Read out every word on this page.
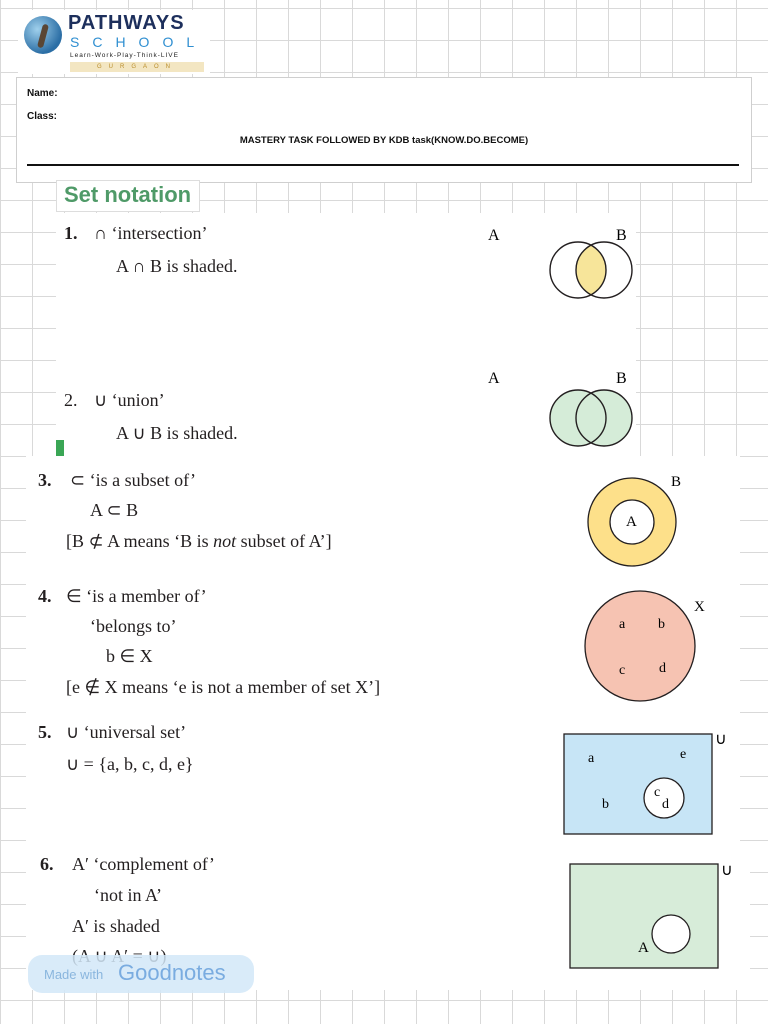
PATHWAYS
SCHOOL
Learn-Work-Play-Think-LIVE
GURGAON
Name:
Class:
MASTERY TASK FOLLOWED BY KDB task(KNOW.DO.BECOME)
Set notation
1. ∩ ‘intersection’
A ∩ B is shaded.
2. ∪ ‘union’
A ∪ B is shaded.
A	B
A	B
3. ⊂ ‘is a subset of’
A ⊂ B
[B ⊄ A means ‘B is not subset of A’]
4. ∈ ‘is a member of’
‘belongs to’
b ∈ X
[e ∉ X means ‘e is not a member of set X’]
5. ∪ ‘universal set’
∪ = {a, b, c, d, e}
B
A
X
a b
c d
∪
a	e
b
c
d
6. A′ ‘complement of’
‘not in A’
A′ is shaded
∪
A
Made with Goodnotes
